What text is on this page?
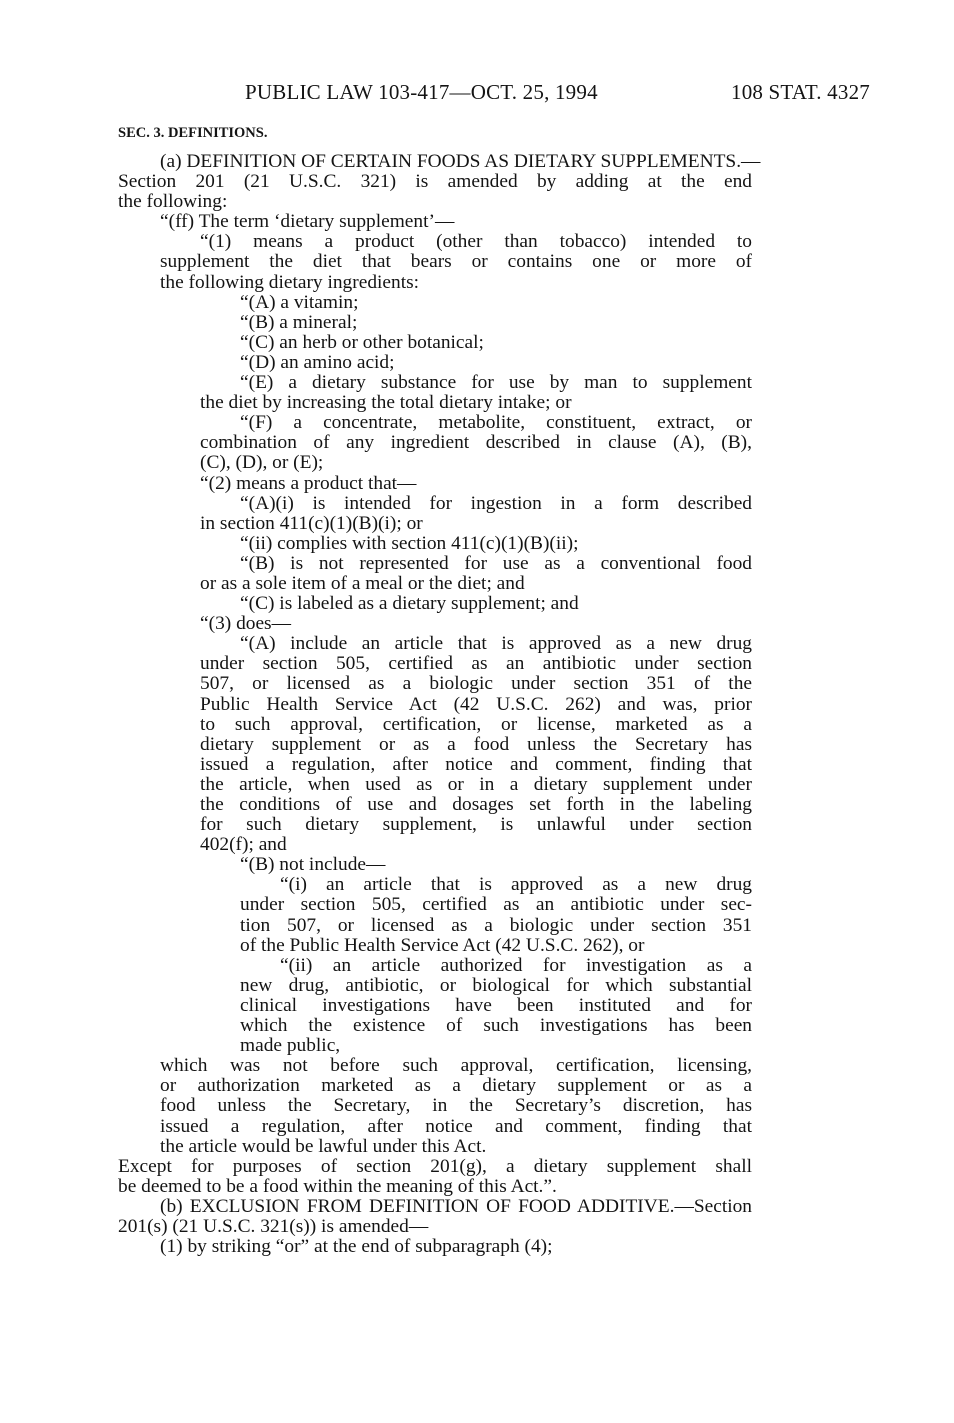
PUBLIC LAW 103-417—OCT. 25, 1994	108 STAT. 4327
SEC. 3. DEFINITIONS.
(a) DEFINITION OF CERTAIN FOODS AS DIETARY SUPPLEMENTS.—
Section 201 (21 U.S.C. 321) is amended by adding at the end
the following:
“(ff) The term ‘dietary supplement’—
“(1) means a product (other than tobacco) intended to
supplement the diet that bears or contains one or more of
the following dietary ingredients:
“(A) a vitamin;
“(B) a mineral;
“(C) an herb or other botanical;
“(D) an amino acid;
“(E) a dietary substance for use by man to supplement
the diet by increasing the total dietary intake; or
“(F) a concentrate, metabolite, constituent, extract, or
combination of any ingredient described in clause (A), (B),
(C), (D), or (E);
“(2) means a product that—
“(A)(i) is intended for ingestion in a form described
in section 411(c)(1)(B)(i); or
“(ii) complies with section 411(c)(1)(B)(ii);
“(B) is not represented for use as a conventional food
or as a sole item of a meal or the diet; and
“(C) is labeled as a dietary supplement; and
“(3) does—
“(A) include an article that is approved as a new drug
under section 505, certified as an antibiotic under section
507, or licensed as a biologic under section 351 of the
Public Health Service Act (42 U.S.C. 262) and was, prior
to such approval, certification, or license, marketed as a
dietary supplement or as a food unless the Secretary has
issued a regulation, after notice and comment, finding that
the article, when used as or in a dietary supplement under
the conditions of use and dosages set forth in the labeling
for such dietary supplement, is unlawful under section
402(f); and
“(B) not include—
“(i) an article that is approved as a new drug
under section 505, certified as an antibiotic under sec-
tion 507, or licensed as a biologic under section 351
of the Public Health Service Act (42 U.S.C. 262), or
“(ii) an article authorized for investigation as a
new drug, antibiotic, or biological for which substantial
clinical investigations have been instituted and for
which the existence of such investigations has been
made public,
which was not before such approval, certification, licensing,
or authorization marketed as a dietary supplement or as a
food unless the Secretary, in the Secretary’s discretion, has
issued a regulation, after notice and comment, finding that
the article would be lawful under this Act.
Except for purposes of section 201(g), a dietary supplement shall
be deemed to be a food within the meaning of this Act.”.
(b) EXCLUSION FROM DEFINITION OF FOOD ADDITIVE.—Section
201(s) (21 U.S.C. 321(s)) is amended—
(1) by striking “or” at the end of subparagraph (4);
